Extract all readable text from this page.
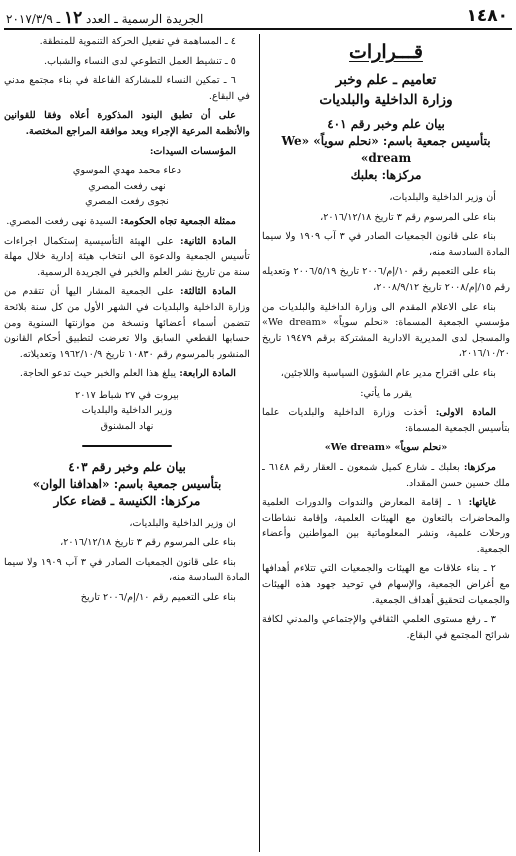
١٤٨٠
الجريدة الرسمية ـ العدد ١٢ ـ ٢٠١٧/٣/٩
قـــرارات
تعاميم ـ علم وخبر
وزارة الداخلية والبلديات
بيان علم وخبر رقم ٤٠١
بتأسيس جمعية باسم: «نحلم سوياً» «We dream»
مركزها: بعلبك

أن وزير الداخلية والبلديات،

بناء على المرسوم رقم ٣ تاريخ ٢٠١٦/١٢/١٨،

بناء على قانون الجمعيات الصادر في ٣ آب ١٩٠٩ ولا سيما المادة السادسة منه،

بناء على التعميم رقم ١٠/إم/٢٠٠٦ تاريخ ٢٠٠٦/٥/١٩ وتعديله رقم ١٥/إم/٢٠٠٨ تاريخ ٢٠٠٨/٩/١٢،

بناء على الاعلام المقدم الى وزارة الداخلية والبلديات من مؤسسي الجمعية المسماة: «نحلم سوياً» «We dream» والمسجل لدى المديرية الادارية المشتركة برقم ١٩٤٧٩ تاريخ ٢٠١٦/١٠/٢٠،

بناء على اقتراح مدير عام الشؤون السياسية واللاجئين،

يقرر ما يأتي:

المادة الاولى: أخذت وزارة الداخلية والبلديات علما بتأسيس الجمعية المسماة:

«نحلم سوياً» «We dream»

مركزها: بعلبك ـ شارع كميل شمعون ـ العقار رقم ٦١٤٨ ـ ملك حسين حسن المقداد.

غاياتها: ١ ـ إقامة المعارض والندوات والدورات العلمية والمحاضرات بالتعاون مع الهيئات العلمية، وإقامة نشاطات ورحلات علمية، ونشر المعلوماتية بين المواطنين وأعضاء الجمعية.

٢ ـ بناء علاقات مع الهيئات والجمعيات التي تتلاءم أهدافها مع أغراض الجمعية، والإسهام في توحيد جهود هذه الهيئات والجمعيات لتحقيق أهداف الجمعية.

٣ ـ رفع مستوى العلمي الثقافي والإجتماعي والمدني لكافة شرائح المجتمع في البقاع.

٤ ـ المساهمة في تفعيل الحركة التنموية للمنطقة.

٥ ـ تنشيط العمل التطوعي لدى النساء والشباب.

٦ ـ تمكين النساء للمشاركة الفاعلة في بناء مجتمع مدني في البقاع.

على أن تطبق البنود المذكورة أعلاه وفقا للقوانين والأنظمة المرعية الإجراء وبعد موافقة المراجع المختصة.

المؤسسات السيدات:

دعاء محمد مهدي الموسوي

نهى رفعت المصري

نجوى رفعت المصري

ممثلة الجمعية تجاه الحكومة: السيدة نهى رفعت المصري.

المادة الثانية: على الهيئة التأسيسية إستكمال اجراءات تأسيس الجمعية والدعوة الى انتخاب هيئة إدارية خلال مهلة سنة من تاريخ نشر العلم والخبر في الجريدة الرسمية.

المادة الثالثة: على الجمعية المشار اليها أن تتقدم من وزارة الداخلية والبلديات في الشهر الأول من كل سنة بلائحة تتضمن أسماء أعضائها ونسخة من موازنتها السنوية ومن حسابها القطعي السابق والا تعرضت لتطبيق أحكام القانون المنشور بالمرسوم رقم ١٠٨٣٠ تاريخ ١٩٦٢/١٠/٩ وتعديلاته.

المادة الرابعة: يبلغ هذا العلم والخبر حيث تدعو الحاجة.

بيروت في ٢٧ شباط ٢٠١٧

وزير الداخلية والبلديات

نهاد المشنوق

بيان علم وخبر رقم ٤٠٣
بتأسيس جمعية باسم: «اهدافنا الوان»
مركزها: الكنيسة ـ قضاء عكار

ان وزير الداخلية والبلديات،

بناء على المرسوم رقم ٣ تاريخ ٢٠١٦/١٢/١٨،

بناء على قانون الجمعيات الصادر في ٣ آب ١٩٠٩ ولا سيما المادة السادسة منه،

بناء على التعميم رقم ١٠/إم/٢٠٠٦ تاريخ
